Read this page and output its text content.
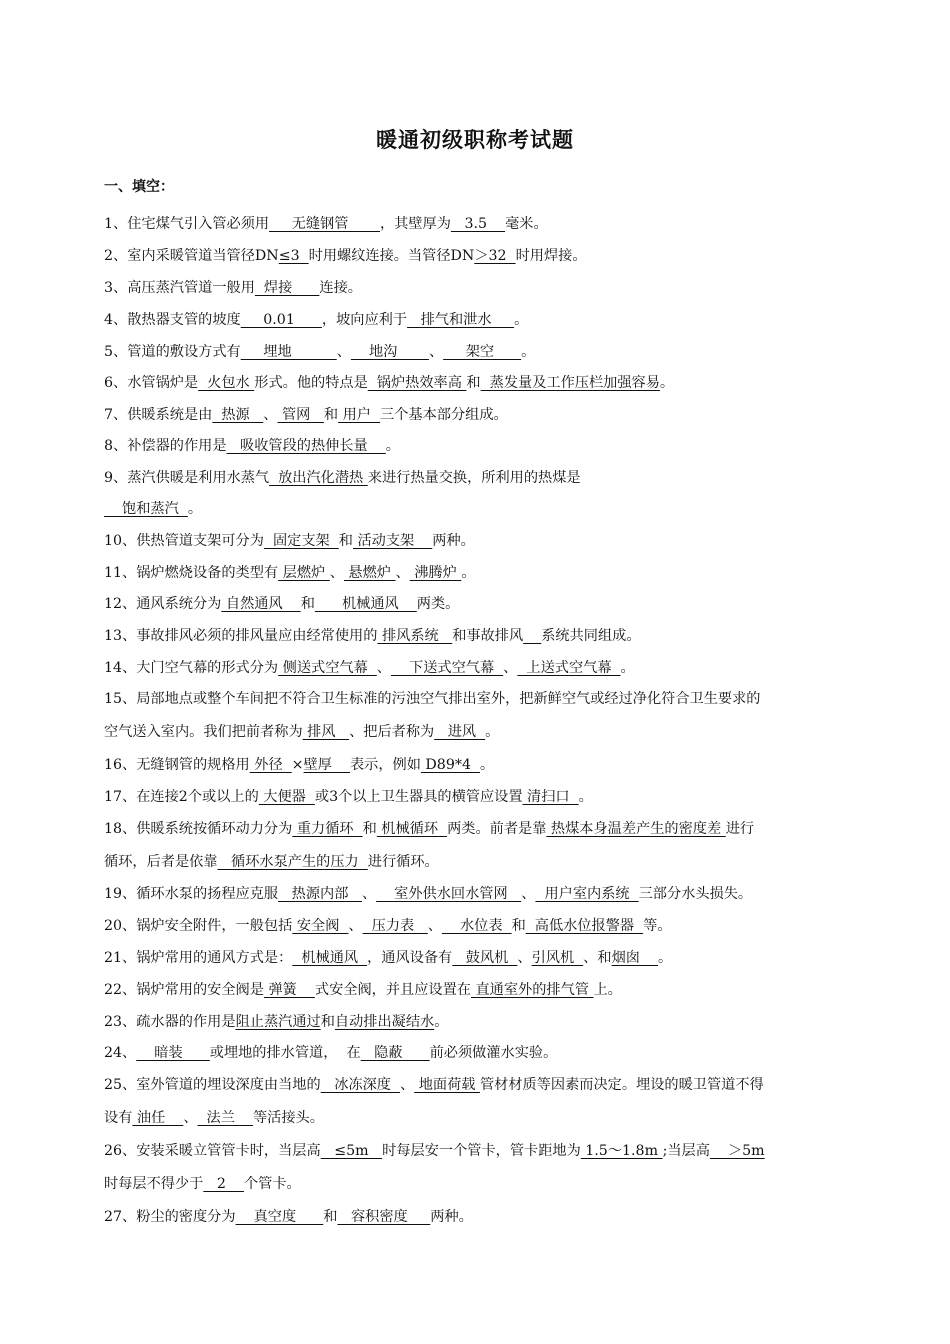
暖通初级职称考试题
一、填空：
1、住宅煤气引入管必须用     无缝钢管       ，其壁厚为   3.5    毫米。
2、室内采暖管道当管径DN≤3  时用螺纹连接。当管径DN＞32  时用焊接。
3、高压蒸汽管道一般用  焊接      连接。
4、散热器支管的坡度     0.01      ，坡向应利于   排气和泄水     。
5、管道的敷设方式有     埋地          、    地沟       、     架空      。
6、水管锅炉是  火包水 形式。他的特点是  锅炉热效率高 和  蒸发量及工作压栏加强容易。
7、供暖系统是由  热源   、 管网   和 用户  三个基本部分组成。
8、补偿器的作用是   吸收管段的热伸长量    。
9、蒸汽供暖是利用水蒸气  放出汽化潜热 来进行热量交换，所利用的热煤是
饱和蒸汽  。
10、供热管道支架可分为  固定支架  和 活动支架    两种。
11、锅炉燃烧设备的类型有 层燃炉 、 悬燃炉 、 沸腾炉 。
12、通风系统分为 自然通风    和      机械通风    两类。
13、事故排风必须的排风量应由经常使用的 排风系统   和事故排风 系统共同组成。
14、大门空气幕的形式分为 侧送式空气幕  、    下送式空气幕  、  上送式空气幕  。
15、局部地点或整个车间把不符合卫生标准的污浊空气排出室外，把新鲜空气或经过净化符合卫生要求的
空气送入室内。我们把前者称为 排风   、把后者称为   进风  。
16、无缝钢管的规格用 外径  ×壁厚    表示，例如 D89*4  。
17、在连接2个或以上的 大便器  或3个以上卫生器具的横管应设置 清扫口  。
18、供暖系统按循环动力分为 重力循环  和 机械循环  两类。前者是靠 热煤本身温差产生的密度差 进行
循环，后者是依靠   循环水泵产生的压力  进行循环。
19、循环水泵的扬程应克服   热源内部   、    室外供水回水管网   、  用户室内系统  三部分水头损失。
20、锅炉安全附件，一般包括 安全阀  、  压力表   、    水位表  和  高低水位报警器  等。
21、锅炉常用的通风方式是：  机械通风  ，通风设备有   鼓风机  、引风机  、和烟囱    。
22、锅炉常用的安全阀是 弹簧    式安全阀，并且应设置在 直通室外的排气管 上。
23、疏水器的作用是阻止蒸汽通过和自动排出凝结水。
24、    暗装      或埋地的排水管道，  在   隐蔽      前必须做灌水实验。
25、室外管道的埋设深度由当地的   冰冻深度  、 地面荷载 管材材质等因素而决定。埋设的暖卫管道不得
设有 油任    、  法兰    等活接头。
26、安装采暖立管管卡时，当层高   ≤5m   时每层安一个管卡，管卡距地为 1.5～1.8m ;当层高    ＞5m
时每层不得少于   2    个管卡。
27、粉尘的密度分为    真空度      和   容积密度     两种。
